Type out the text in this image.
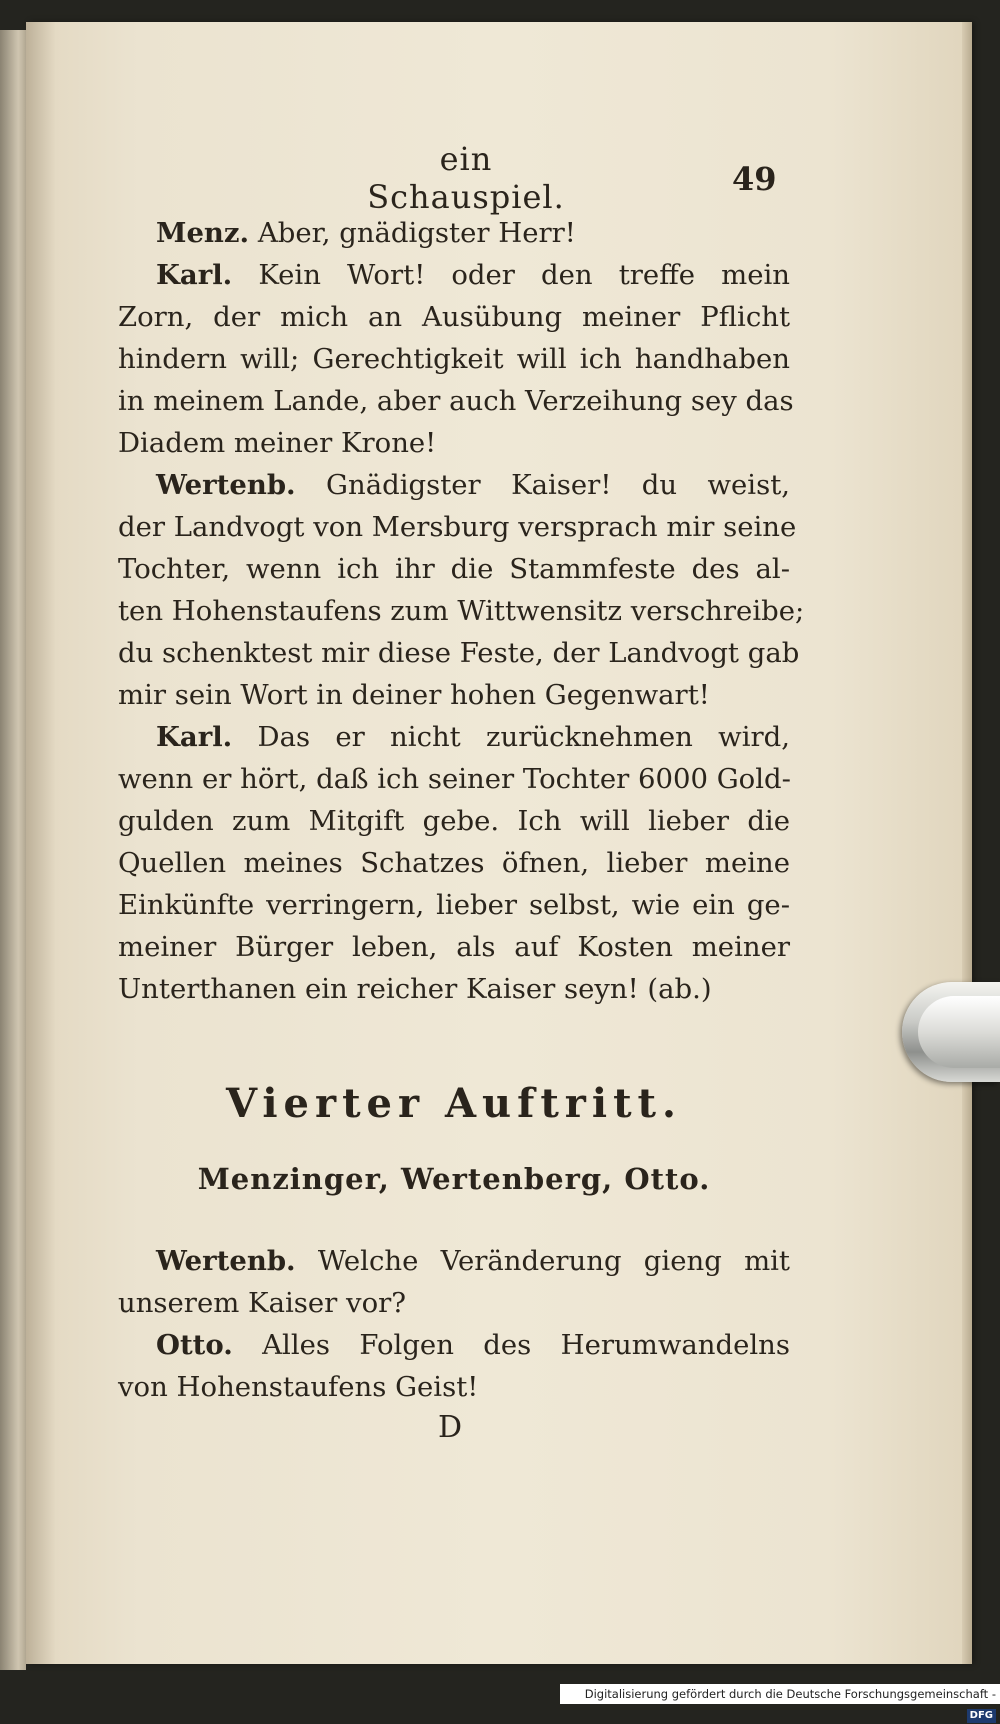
ein Schauspiel.	49
Menz. Aber, gnädigster Herr!
Karl. Kein Wort! oder den treffe mein
Zorn, der mich an Ausübung meiner Pflicht
hindern will; Gerechtigkeit will ich handhaben
in meinem Lande, aber auch Verzeihung sey das
Diadem meiner Krone!
Wertenb. Gnädigster Kaiser! du weist,
der Landvogt von Mersburg versprach mir seine
Tochter, wenn ich ihr die Stammfeste des al-
ten Hohenstaufens zum Wittwensitz verschreibe;
du schenktest mir diese Feste, der Landvogt gab
mir sein Wort in deiner hohen Gegenwart!
Karl. Das er nicht zurücknehmen wird,
wenn er hört, daß ich seiner Tochter 6000 Gold-
gulden zum Mitgift gebe. Ich will lieber die
Quellen meines Schatzes öfnen, lieber meine
Einkünfte verringern, lieber selbst, wie ein ge-
meiner Bürger leben, als auf Kosten meiner
Unterthanen ein reicher Kaiser seyn! (ab.)
Vierter Auftritt.
Menzinger, Wertenberg, Otto.
Wertenb. Welche Veränderung gieng mit
unserem Kaiser vor?
Otto. Alles Folgen des Herumwandelns
von Hohenstaufens Geist!
D
Digitalisierung gefördert durch die Deutsche Forschungsgemeinschaft - DFG
